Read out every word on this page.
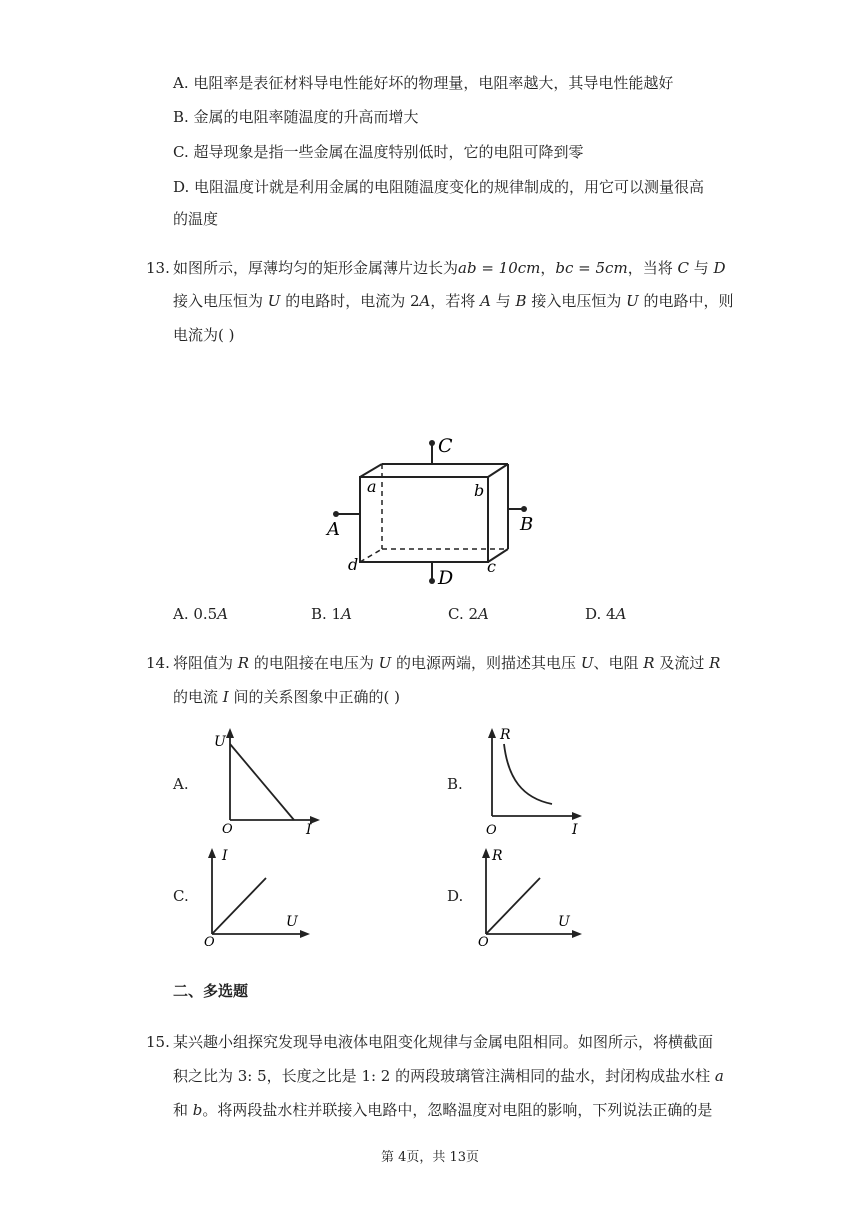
A. 电阻率是表征材料导电性能好坏的物理量，电阻率越大，其导电性能越好
B. 金属的电阻率随温度的升高而增大
C. 超导现象是指一些金属在温度特别低时，它的电阻可降到零
D. 电阻温度计就是利用金属的电阻随温度变化的规律制成的，用它可以测量很高
的温度
13. 如图所示，厚薄均匀的矩形金属薄片边长为ab = 10cm，bc = 5cm，当将 C 与 D
接入电压恒为 U 的电路时，电流为 2A，若将 A 与 B 接入电压恒为 U 的电路中，则
电流为( )
C
a	b
A	B
d	c
D
A. 0.5A	B. 1A	C. 2A	D. 4A
14. 将阻值为 R 的电阻接在电压为 U 的电源两端，则描述其电压 U、电阻 R 及流过 R
的电流 I 间的关系图象中正确的( )
A.	B.
C.	D.
U
O	I
R
O	I
I
O
U
R
O
U
二、多选题
15. 某兴趣小组探究发现导电液体电阻变化规律与金属电阻相同。如图所示，将横截面
积之比为 3: 5，长度之比是 1: 2 的两段玻璃管注满相同的盐水，封闭构成盐水柱 a
和 b。将两段盐水柱并联接入电路中，忽略温度对电阻的影响，下列说法正确的是
第 4页，共 13页
